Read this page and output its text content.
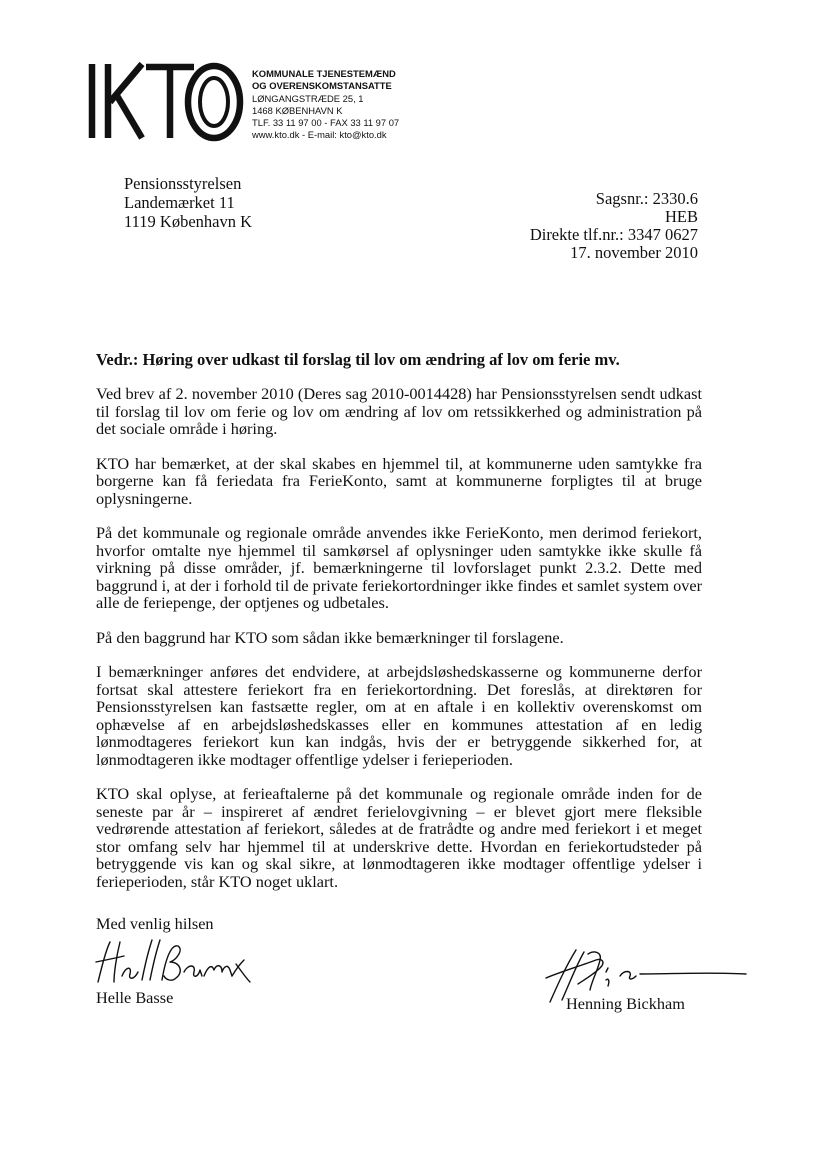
KOMMUNALE TJENESTEMÆND
OG OVERENSKOMSTANSATTE
LØNGANGSTRÆDE 25, 1
1468 KØBENHAVN K
TLF. 33 11 97 00 - FAX 33 11 97 07
www.kto.dk - E-mail: kto@kto.dk
Pensionsstyrelsen
Landemærket 11
1119 København K
Sagsnr.: 2330.6
HEB
Direkte tlf.nr.: 3347 0627
17. november 2010
Vedr.: Høring over udkast til forslag til lov om ændring af lov om ferie mv.

Ved brev af 2. november 2010 (Deres sag 2010-0014428) har Pensionsstyrelsen sendt udkast til forslag til lov om ferie og lov om ændring af lov om retssikkerhed og administration på det sociale område i høring.

KTO har bemærket, at der skal skabes en hjemmel til, at kommunerne uden samtykke fra borgerne kan få feriedata fra FerieKonto, samt at kommunerne forpligtes til at bruge oplysningerne.

På det kommunale og regionale område anvendes ikke FerieKonto, men derimod feriekort, hvorfor omtalte nye hjemmel til samkørsel af oplysninger uden samtykke ikke skulle få virkning på disse områder, jf. bemærkningerne til lovforslaget punkt 2.3.2. Dette med baggrund i, at der i forhold til de private feriekortordninger ikke findes et samlet system over alle de feriepenge, der optjenes og udbetales.

På den baggrund har KTO som sådan ikke bemærkninger til forslagene.

I bemærkninger anføres det endvidere, at arbejdsløshedskasserne og kommunerne derfor fortsat skal attestere feriekort fra en feriekortordning. Det foreslås, at direktøren for Pensionsstyrelsen kan fastsætte regler, om at en aftale i en kollektiv overenskomst om ophævelse af en arbejdsløshedskasses eller en kommunes attestation af en ledig lønmodtageres feriekort kun kan indgås, hvis der er betryggende sikkerhed for, at lønmodtageren ikke modtager offentlige ydelser i ferieperioden.

KTO skal oplyse, at ferieaftalerne på det kommunale og regionale område inden for de seneste par år – inspireret af ændret ferielovgivning – er blevet gjort mere fleksible vedrørende attestation af feriekort, således at de fratrådte og andre med feriekort i et meget stor omfang selv har hjemmel til at underskrive dette. Hvordan en feriekortudsteder på betryggende vis kan og skal sikre, at lønmodtageren ikke modtager offentlige ydelser i ferieperioden, står KTO noget uklart.

Med venlig hilsen
Helle Basse	Henning Bickham
